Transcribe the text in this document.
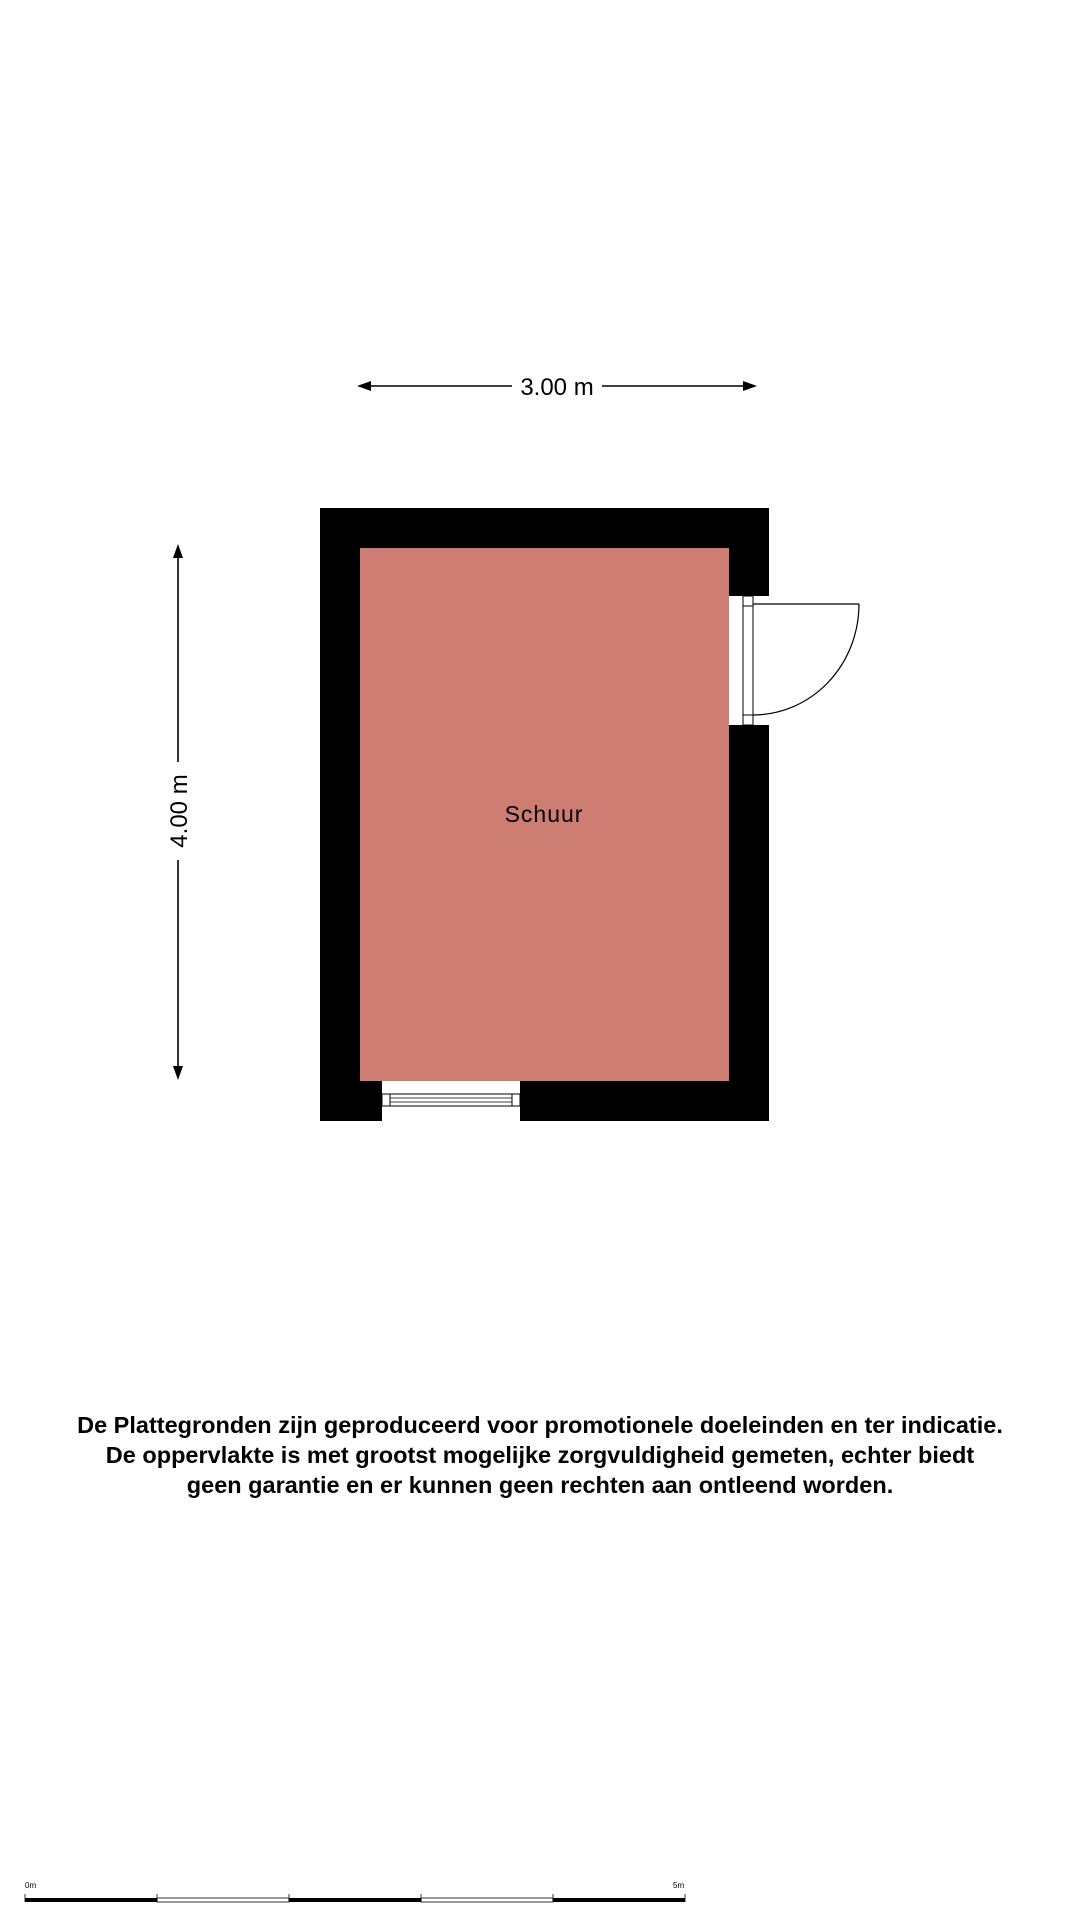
3.00 m
4.00 m	Schuur
0m	5m
De Plattegronden zijn geproduceerd voor promotionele doeleinden en ter indicatie.
De oppervlakte is met grootst mogelijke zorgvuldigheid gemeten, echter biedt
geen garantie en er kunnen geen rechten aan ontleend worden.
